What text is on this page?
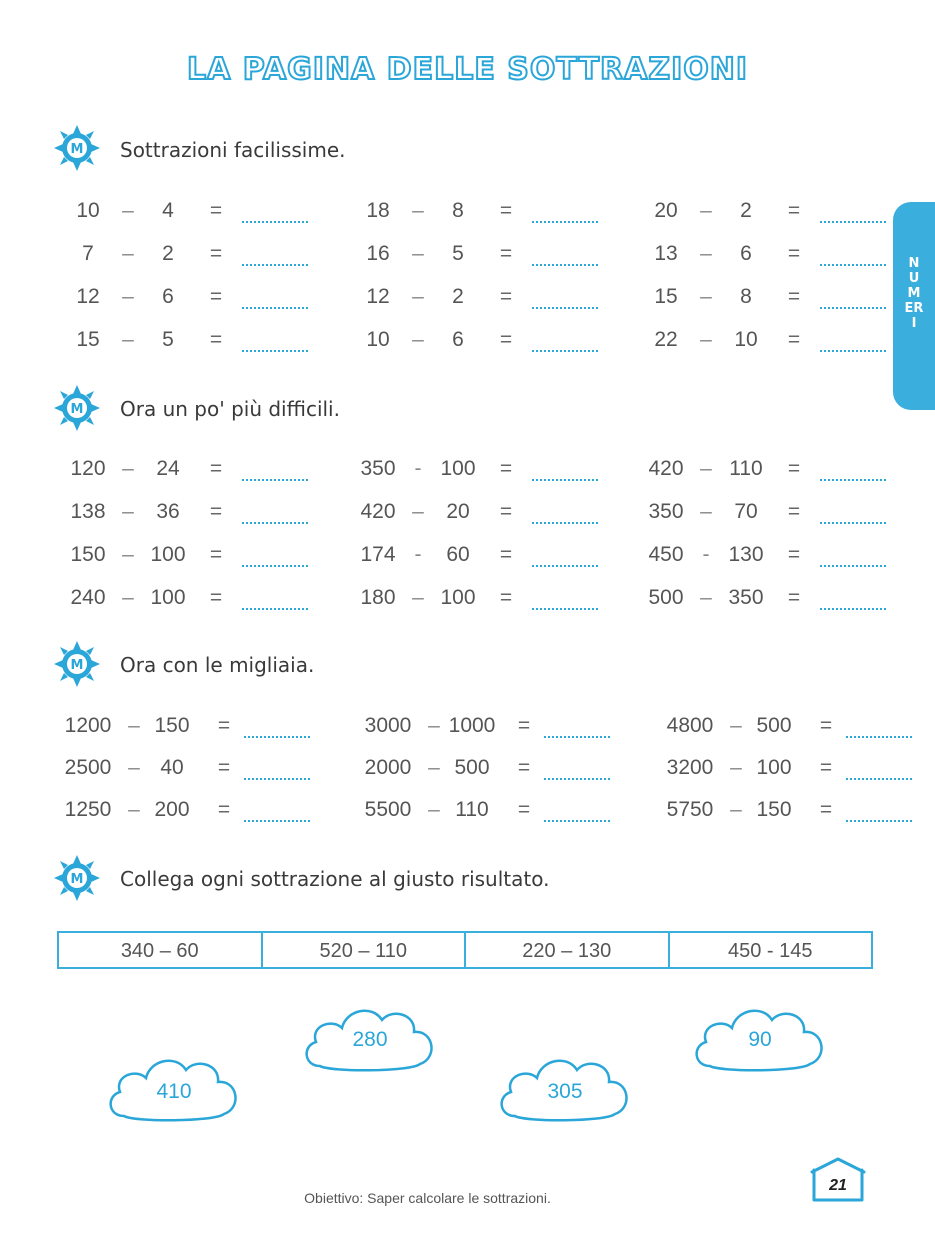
LA PAGINA DELLE SOTTRAZIONI
NUMERI
M Sottrazioni facilissime.
M Ora un po' più difficili.
M Ora con le migliaia.
M Collega ogni sottrazione al giusto risultato.
10	–	4	=	18	–	8	=	20	–	2	=
7	–	2	=	16	–	5	=	13	–	6	=
12	–	6	=	12	–	2	=	15	–	8	=
15	–	5	=	10	–	6	=	22	–	10	=
120 –	24	=	350 - 100	=	420 – 110	=
138 –	36	=	420 –	20	=	350 –	70	=
150 – 100	=	174 -	60	=	450 - 130	=
240 – 100	=	180 – 100	=	500 – 350	=
1200 – 150	=	3000 – 1000	=	4800 – 500	=
2500 – 40	=	2000 – 500	=	3200 – 100	=
1250 – 200	=	5500 – 110	=	5750 – 150	=
340 – 60	520 – 110	220 – 130	450 - 145
410
280
305
90
Obiettivo: Saper calcolare le sottrazioni.
21
